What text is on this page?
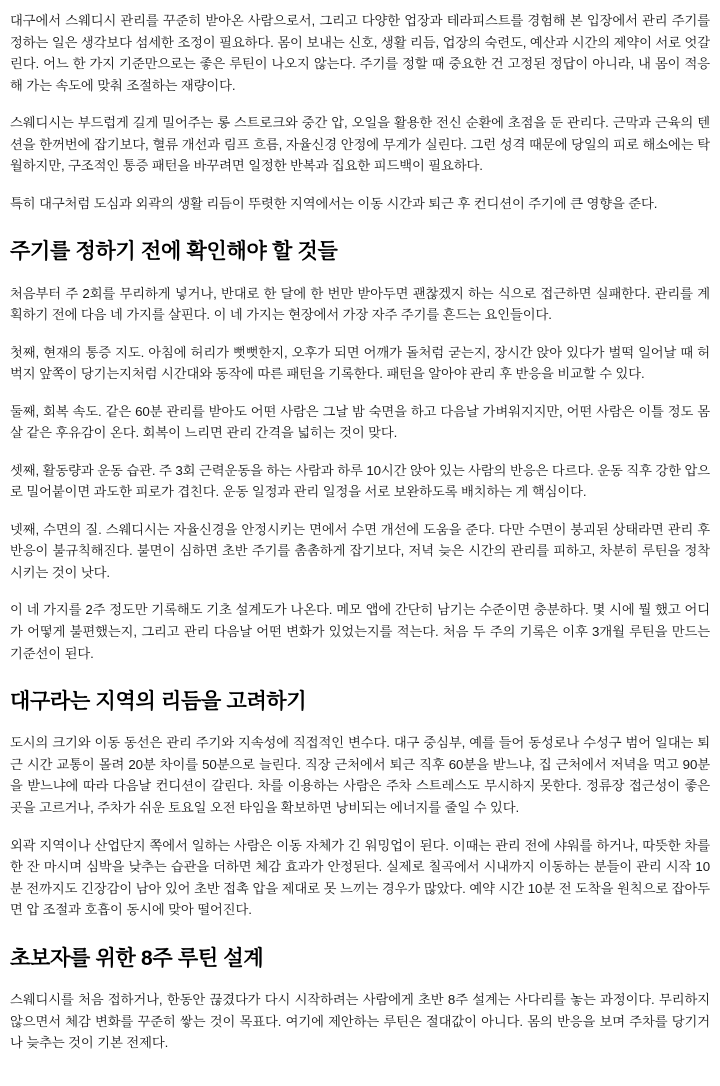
대구에서 스웨디시 관리를 꾸준히 받아온 사람으로서, 그리고 다양한 업장과 테라피스트를 경험해 본 입장에서 관리 주기를 정하는 일은 생각보다 섬세한 조정이 필요하다. 몸이 보내는 신호, 생활 리듬, 업장의 숙련도, 예산과 시간의 제약이 서로 엇갈린다. 어느 한 가지 기준만으로는 좋은 루틴이 나오지 않는다. 주기를 정할 때 중요한 건 고정된 정답이 아니라, 내 몸이 적응해 가는 속도에 맞춰 조절하는 재량이다.

스웨디시는 부드럽게 길게 밀어주는 롱 스트로크와 중간 압, 오일을 활용한 전신 순환에 초점을 둔 관리다. 근막과 근육의 텐션을 한꺼번에 잡기보다, 혈류 개선과 림프 흐름, 자율신경 안정에 무게가 실린다. 그런 성격 때문에 당일의 피로 해소에는 탁월하지만, 구조적인 통증 패턴을 바꾸려면 일정한 반복과 집요한 피드백이 필요하다.

특히 대구처럼 도심과 외곽의 생활 리듬이 뚜렷한 지역에서는 이동 시간과 퇴근 후 컨디션이 주기에 큰 영향을 준다.

주기를 정하기 전에 확인해야 할 것들

처음부터 주 2회를 무리하게 넣거나, 반대로 한 달에 한 번만 받아두면 괜찮겠지 하는 식으로 접근하면 실패한다. 관리를 계획하기 전에 다음 네 가지를 살핀다. 이 네 가지는 현장에서 가장 자주 주기를 흔드는 요인들이다.

첫째, 현재의 통증 지도. 아침에 허리가 뻣뻣한지, 오후가 되면 어깨가 돌처럼 굳는지, 장시간 앉아 있다가 벌떡 일어날 때 허벅지 앞쪽이 당기는지처럼 시간대와 동작에 따른 패턴을 기록한다. 패턴을 알아야 관리 후 반응을 비교할 수 있다.

둘째, 회복 속도. 같은 60분 관리를 받아도 어떤 사람은 그날 밤 숙면을 하고 다음날 가벼워지지만, 어떤 사람은 이틀 정도 몸살 같은 후유감이 온다. 회복이 느리면 관리 간격을 넓히는 것이 맞다.

셋째, 활동량과 운동 습관. 주 3회 근력운동을 하는 사람과 하루 10시간 앉아 있는 사람의 반응은 다르다. 운동 직후 강한 압으로 밀어붙이면 과도한 피로가 겹친다. 운동 일정과 관리 일정을 서로 보완하도록 배치하는 게 핵심이다.

넷째, 수면의 질. 스웨디시는 자율신경을 안정시키는 면에서 수면 개선에 도움을 준다. 다만 수면이 붕괴된 상태라면 관리 후 반응이 불규칙해진다. 불면이 심하면 초반 주기를 촘촘하게 잡기보다, 저녁 늦은 시간의 관리를 피하고, 차분히 루틴을 정착시키는 것이 낫다.

이 네 가지를 2주 정도만 기록해도 기초 설계도가 나온다. 메모 앱에 간단히 남기는 수준이면 충분하다. 몇 시에 뭘 했고 어디가 어떻게 불편했는지, 그리고 관리 다음날 어떤 변화가 있었는지를 적는다. 처음 두 주의 기록은 이후 3개월 루틴을 만드는 기준선이 된다.

대구라는 지역의 리듬을 고려하기

도시의 크기와 이동 동선은 관리 주기와 지속성에 직접적인 변수다. 대구 중심부, 예를 들어 동성로나 수성구 범어 일대는 퇴근 시간 교통이 몰려 20분 차이를 50분으로 늘린다. 직장 근처에서 퇴근 직후 60분을 받느냐, 집 근처에서 저녁을 먹고 90분을 받느냐에 따라 다음날 컨디션이 갈린다. 차를 이용하는 사람은 주차 스트레스도 무시하지 못한다. 정류장 접근성이 좋은 곳을 고르거나, 주차가 쉬운 토요일 오전 타임을 확보하면 낭비되는 에너지를 줄일 수 있다.

외곽 지역이나 산업단지 쪽에서 일하는 사람은 이동 자체가 긴 워밍업이 된다. 이때는 관리 전에 샤워를 하거나, 따뜻한 차를 한 잔 마시며 심박을 낮추는 습관을 더하면 체감 효과가 안정된다. 실제로 칠곡에서 시내까지 이동하는 분들이 관리 시작 10분 전까지도 긴장감이 남아 있어 초반 접촉 압을 제대로 못 느끼는 경우가 많았다. 예약 시간 10분 전 도착을 원칙으로 잡아두면 압 조절과 호흡이 동시에 맞아 떨어진다.

초보자를 위한 8주 루틴 설계

스웨디시를 처음 접하거나, 한동안 끊겼다가 다시 시작하려는 사람에게 초반 8주 설계는 사다리를 놓는 과정이다. 무리하지 않으면서 체감 변화를 꾸준히 쌓는 것이 목표다. 여기에 제안하는 루틴은 절대값이 아니다. 몸의 반응을 보며 주차를 당기거나 늦추는 것이 기본 전제다.
